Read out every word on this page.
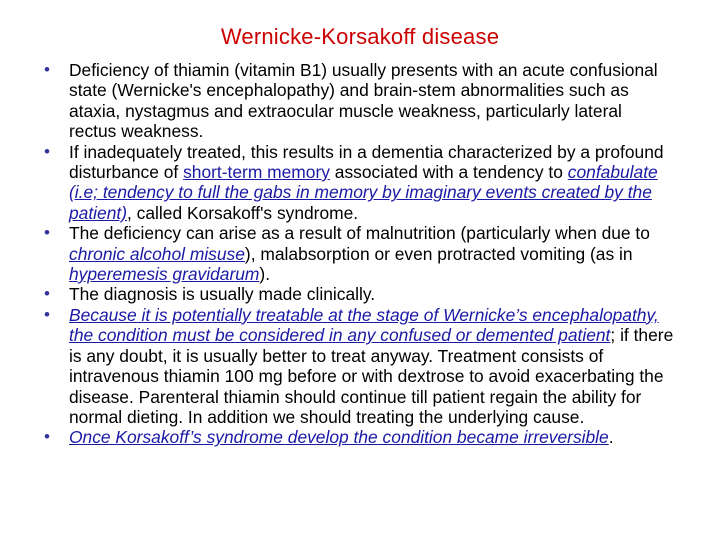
Wernicke-Korsakoff disease
• Deficiency of thiamin (vitamin B1) usually presents with an acute confusional state (Wernicke's encephalopathy) and brain-stem abnormalities such as ataxia, nystagmus and extraocular muscle weakness, particularly lateral rectus weakness.
• If inadequately treated, this results in a dementia characterized by a profound disturbance of short-term memory associated with a tendency to confabulate (i.e; tendency to full the gabs in memory by imaginary events created by the patient), called Korsakoff's syndrome.
• The deficiency can arise as a result of malnutrition (particularly when due to chronic alcohol misuse), malabsorption or even protracted vomiting (as in hyperemesis gravidarum).
• The diagnosis is usually made clinically.
• Because it is potentially treatable at the stage of Wernicke’s encephalopathy, the condition must be considered in any confused or demented patient; if there is any doubt, it is usually better to treat anyway. Treatment consists of intravenous thiamin 100 mg before or with dextrose to avoid exacerbating the disease. Parenteral thiamin should continue till patient regain the ability for normal dieting. In addition we should treating the underlying cause.
• Once Korsakoff’s syndrome develop the condition became irreversible.
